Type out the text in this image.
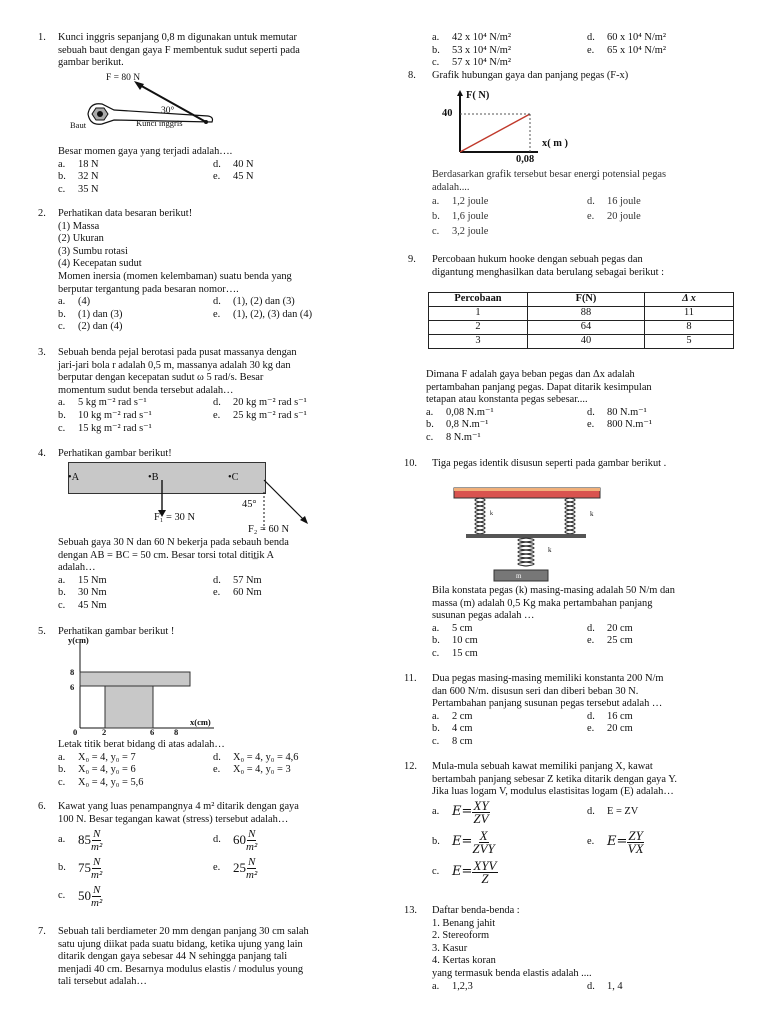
1. Kunci inggris sepanjang 0,8 m digunakan untuk memutar
sebuah baut dengan gaya F membentuk sudut seperti pada
gambar berikut.
F = 80 N
30°
Baut	Kunci inggris
Besar momen gaya yang terjadi adalah….
a.	18 N	d.	40 N
b.	32 N	e.	45 N
c.	35 N
2. Perhatikan data besaran berikut!
(1) Massa
(2) Ukuran
(3) Sumbu rotasi
(4) Kecepatan sudut
Momen inersia (momen kelembaman) suatu benda yang
berputar tergantung pada besaran nomor….
a.	(4)	d.	(1), (2) dan (3)
b.	(1) dan (3)	e.	(1), (2), (3) dan (4)
c.	(2) dan (4)
3. Sebuah benda pejal berotasi pada pusat massanya dengan
jari-jari bola r adalah 0,5 m, massanya adalah 30 kg dan
berputar dengan kecepatan sudut ω 5 rad/s. Besar
momentum sudut benda tersebut adalah…
a.	5 kg m⁻² rad s⁻¹	d.	20 kg m⁻² rad s⁻¹
b.	10 kg m⁻² rad s⁻¹	e.	25 kg m⁻² rad s⁻¹
c.	15 kg m⁻² rad s⁻¹
4. Perhatikan gambar berikut!
•A	•B	•C
45°
F₁ = 30 N
F₂ = 60 N
Sebuah gaya 30 N dan 60 N bekerja pada sebauh benda
dengan AB = BC = 50 cm. Besar torsi total ditit̲ik A
adalah…
a.	15 Nm	d.	57 Nm
b.	30 Nm	e.	60 Nm
c.	45 Nm
5. Perhatikan gambar berikut !
y(cm)
x(cm)
8
6
0	2	6 8
Letak titik berat bidang di atas adalah…
a.	X₀ = 4, y₀ = 7	d.	X₀ = 4, y₀ = 4,6
b.	X₀ = 4, y₀ = 6	e.	X₀ = 4, y₀ = 3
c.	X₀ = 4, y₀ = 5,6
6. Kawat yang luas penampangnya 4 m² ditarik dengan gaya
100 N. Besar tegangan kawat (stress) tersebut adalah…
a. $85 \frac{N}{\text{m²}}$	d. $60 \frac{N}{\text{m²}}$
b. $75 \frac{N}{\text{m²}}$	e. $25 \frac{N}{\text{m²}}$
c. $50 \frac{N}{\text{m²}}$
7. Sebuah tali berdiameter 20 mm dengan panjang 30 cm salah
satu ujung diikat pada suatu bidang, ketika ujung yang lain
ditarik dengan gaya sebesar 44 N sehingga panjang tali
menjadi 40 cm. Besarnya modulus elastis / modulus young
tali tersebut adalah…
a.	42 x 10⁴ N/m²	d.	60 x 10⁴ N/m²
b.	53 x 10⁴ N/m²	e.	65 x 10⁴ N/m²
c.	57 x 10⁴ N/m²
8. Grafik hubungan gaya dan panjang pegas (F-x)
F( N)
x( m )
40
0,08
Berdasarkan grafik tersebut besar energi potensial pegas
adalah....
a.	1,2 joule	d.	16 joule
b.	1,6 joule	e.	20 joule
c.	3,2 joule
9. Percobaan hukum hooke dengan sebuah pegas dan
digantung menghasilkan data berulang sebagai berikut :
Percobaan	F(N)	Δ x
1	88	11
2	64	8
3	40	5
Dimana F adalah gaya beban pegas dan Δx adalah
pertambahan panjang pegas. Dapat ditarik kesimpulan
tetapan atau konstanta pegas sebesar....
a.	0,08 N.m⁻¹	d.	80 N.m⁻¹
b.	0,8 N.m⁻¹	e.	800 N.m⁻¹
c.	8 N.m⁻¹
10. Tiga pegas identik disusun seperti pada gambar berikut .
k	k
k
m
Bila konstata pegas (k) masing-masing adalah 50 N/m dan
massa (m) adalah 0,5 Kg maka pertambahan panjang
susunan pegas adalah …
a.	5 cm	d.	20 cm
b.	10 cm	e.	25 cm
c.	15 cm
11. Dua pegas masing-masing memiliki konstanta 200 N/m
dan 600 N/m. disusun seri dan diberi beban 30 N.
Pertambahan panjang susunan pegas tersebut adalah …
a.	2 cm	d.	16 cm
b.	4 cm	e.	20 cm
c.	8 cm
12. Mula-mula sebuah kawat memiliki panjang X, kawat
bertambah panjang sebesar Z ketika ditarik dengan gaya Y.
Jika luas logam V, modulus elastisitas logam (E) adalah…
a. $E= \frac{XY}{ZV}$	d.	E = ZV
b. $E= \frac{X}{\text{ZVY}}$	e. $E= \frac{ZY}{VX}$
c. $E= \frac{\text{XYV}}{Z}$
13. Daftar benda-benda :
1. Benang jahit
2. Stereoform
3. Kasur
4. Kertas koran
yang termasuk benda elastis adalah ....
a.	1,2,3	d.	1, 4
